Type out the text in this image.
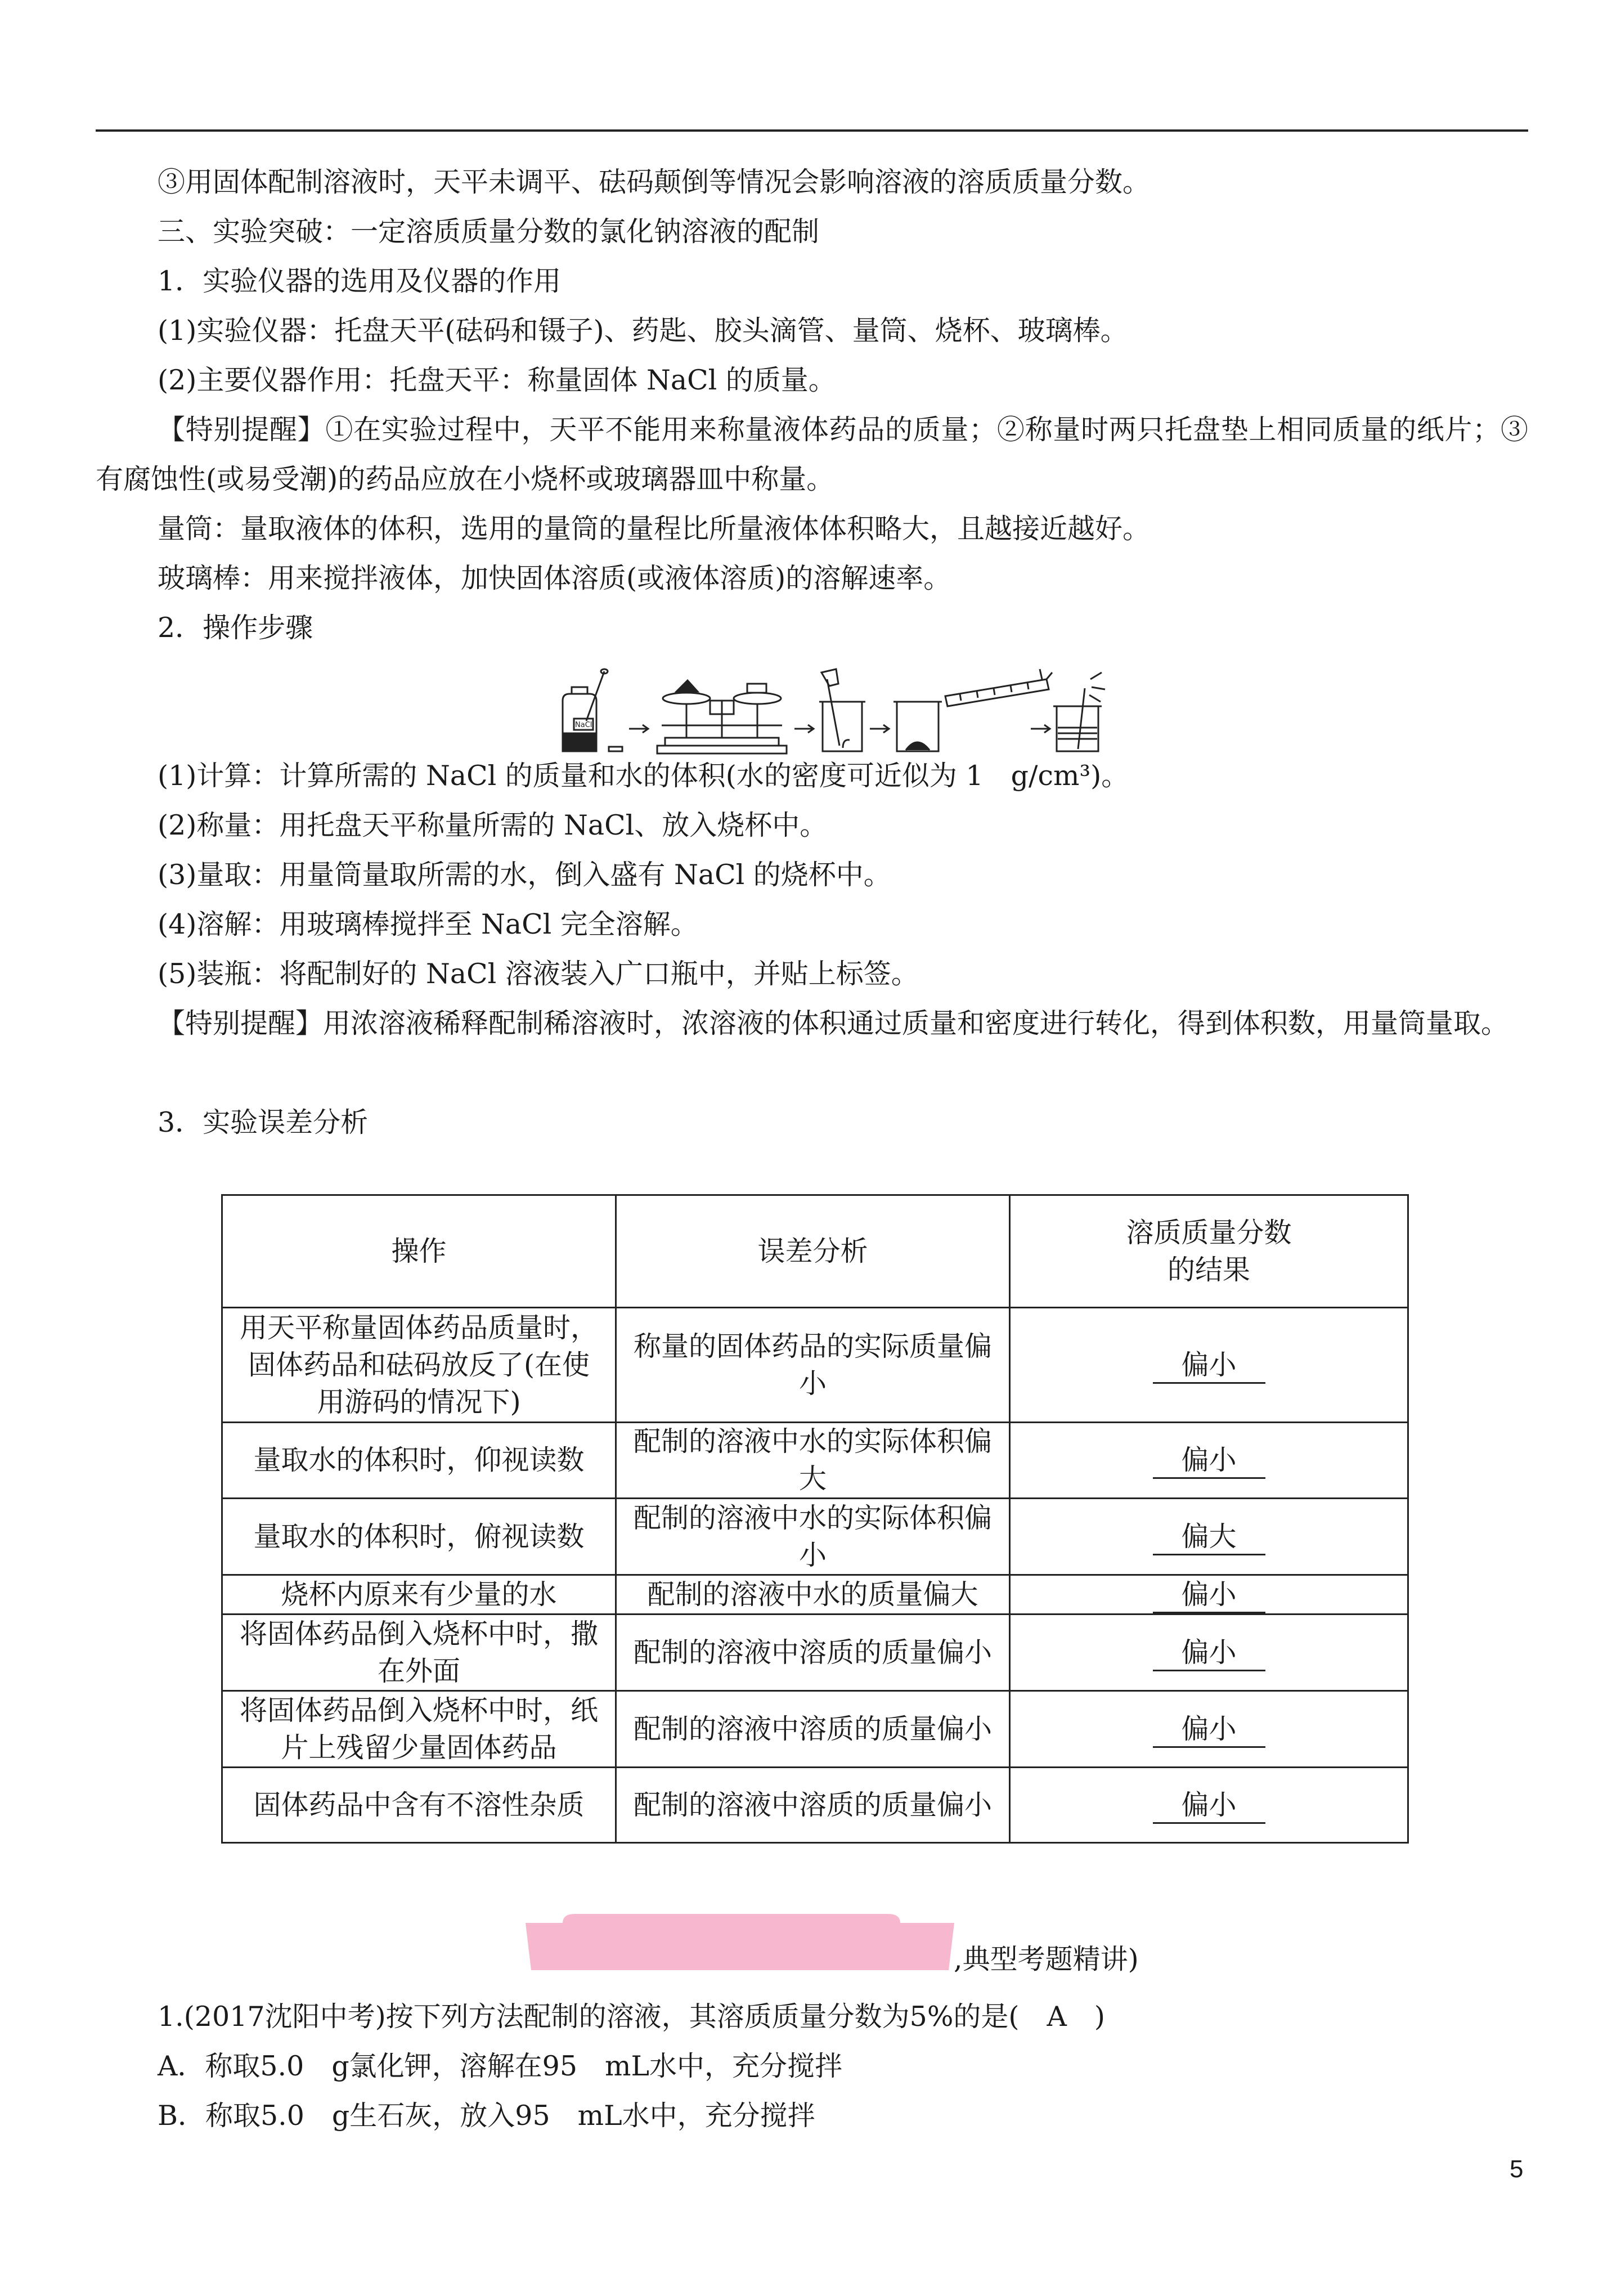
③用固体配制溶液时，天平未调平、砝码颠倒等情况会影响溶液的溶质质量分数。

三、实验突破：一定溶质质量分数的氯化钠溶液的配制

1．实验仪器的选用及仪器的作用

(1)实验仪器：托盘天平(砝码和镊子)、药匙、胶头滴管、量筒、烧杯、玻璃棒。

(2)主要仪器作用：托盘天平：称量固体 NaCl 的质量。

【特别提醒】①在实验过程中，天平不能用来称量液体药品的质量；②称量时两只托盘垫上相同质量的纸片；③有腐蚀性(或易受潮)的药品应放在小烧杯或玻璃器皿中称量。

量筒：量取液体的体积，选用的量筒的量程比所量液体体积略大，且越接近越好。

玻璃棒：用来搅拌液体，加快固体溶质(或液体溶质)的溶解速率。

2．操作步骤

NaCl

(1)计算：计算所需的 NaCl 的质量和水的体积(水的密度可近似为 1　g/cm³)。

(2)称量：用托盘天平称量所需的 NaCl、放入烧杯中。

(3)量取：用量筒量取所需的水，倒入盛有 NaCl 的烧杯中。

(4)溶解：用玻璃棒搅拌至 NaCl 完全溶解。

(5)装瓶：将配制好的 NaCl 溶液装入广口瓶中，并贴上标签。

【特别提醒】用浓溶液稀释配制稀溶液时，浓溶液的体积通过质量和密度进行转化，得到体积数，用量筒量取。

3．实验误差分析

操作	误差分析	溶质质量分数的结果
用天平称量固体药品质量时，固体药品和砝码放反了(在使用游码的情况下)	称量的固体药品的实际质量偏小	偏小
量取水的体积时，仰视读数	配制的溶液中水的实际体积偏大	偏小
量取水的体积时，俯视读数	配制的溶液中水的实际体积偏小	偏大
烧杯内原来有少量的水	配制的溶液中水的质量偏大	偏小
将固体药品倒入烧杯中时，撒在外面	配制的溶液中溶质的质量偏小	偏小
将固体药品倒入烧杯中时，纸片上残留少量固体药品	配制的溶液中溶质的质量偏小	偏小
固体药品中含有不溶性杂质	配制的溶液中溶质的质量偏小	偏小

,典型考题精讲)

1.(2017沈阳中考)按下列方法配制的溶液，其溶质质量分数为5%的是(　A　)

A．称取5.0　g氯化钾，溶解在95　mL水中，充分搅拌

B．称取5.0　g生石灰，放入95　mL水中，充分搅拌

5
